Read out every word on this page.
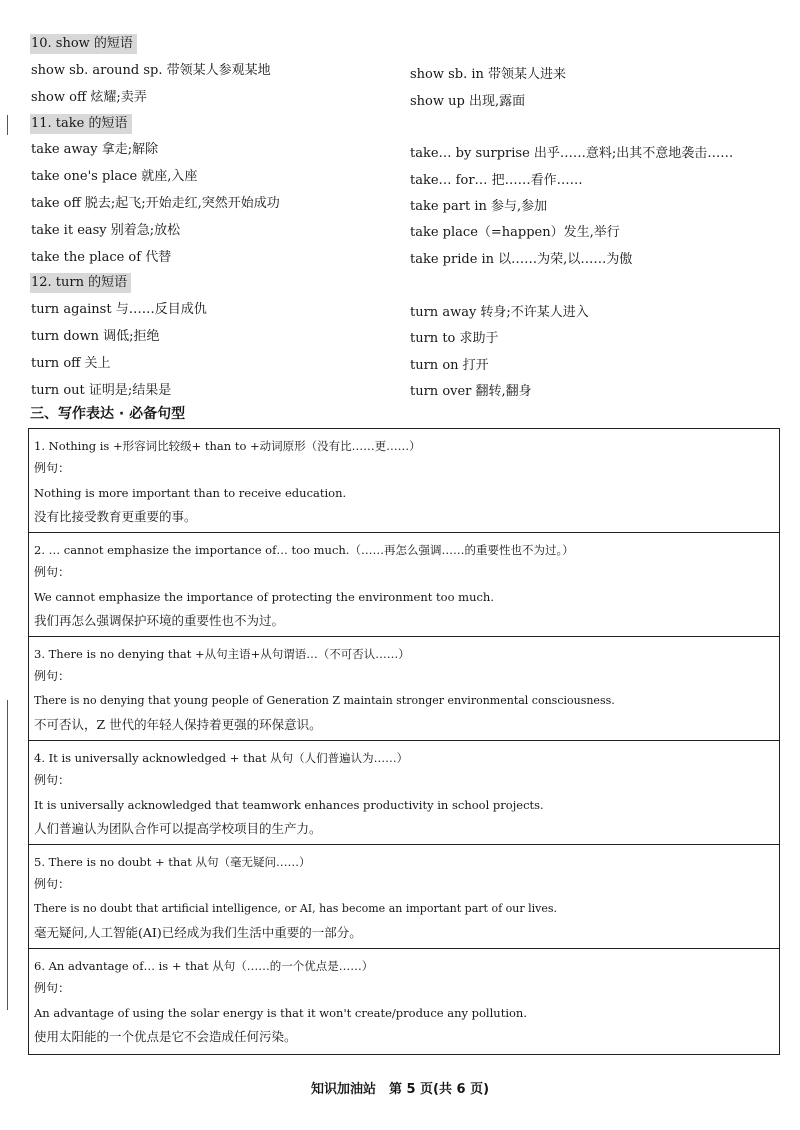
10. show 的短语
show sb. around sp. 带领某人参观某地
show off 炫耀;卖弄
show sb. in 带领某人进来
show up 出现,露面
11. take 的短语
take away 拿走;解除
take one's place 就座,入座
take off 脱去;起飞;开始走红,突然开始成功
take it easy 别着急;放松
take the place of 代替
take… by surprise 出乎……意料;出其不意地袭击……
take… for… 把……看作……
take part in 参与,参加
take place（=happen）发生,举行
take pride in 以……为荣,以……为傲
12. turn 的短语
turn against 与……反目成仇
turn down 调低;拒绝
turn off 关上
turn out 证明是;结果是
turn away 转身;不许某人进入
turn to 求助于
turn on 打开
turn over 翻转,翻身
三、写作表达 · 必备句型
1. Nothing is +形容词比较级+ than to +动词原形（没有比……更……）
例句：
Nothing is more important than to receive education.
没有比接受教育更重要的事。
2. … cannot emphasize the importance of… too much.（……再怎么强调……的重要性也不为过。）
例句：
We cannot emphasize the importance of protecting the environment too much.
我们再怎么强调保护环境的重要性也不为过。
3. There is no denying that +从句主语+从句谓语…（不可否认……）
例句：
There is no denying that young people of Generation Z maintain stronger environmental consciousness.
不可否认，Z 世代的年轻人保持着更强的环保意识。
4. It is universally acknowledged + that 从句（人们普遍认为……）
例句：
It is universally acknowledged that teamwork enhances productivity in school projects.
人们普遍认为团队合作可以提高学校项目的生产力。
5. There is no doubt + that 从句（毫无疑问……）
例句：
There is no doubt that artificial intelligence, or AI, has become an important part of our lives.
毫无疑问,人工智能(AI)已经成为我们生活中重要的一部分。
6. An advantage of… is + that 从句（……的一个优点是……）
例句：
An advantage of using the solar energy is that it won't create/produce any pollution.
使用太阳能的一个优点是它不会造成任何污染。
知识加油站　第 5 页(共 6 页)
